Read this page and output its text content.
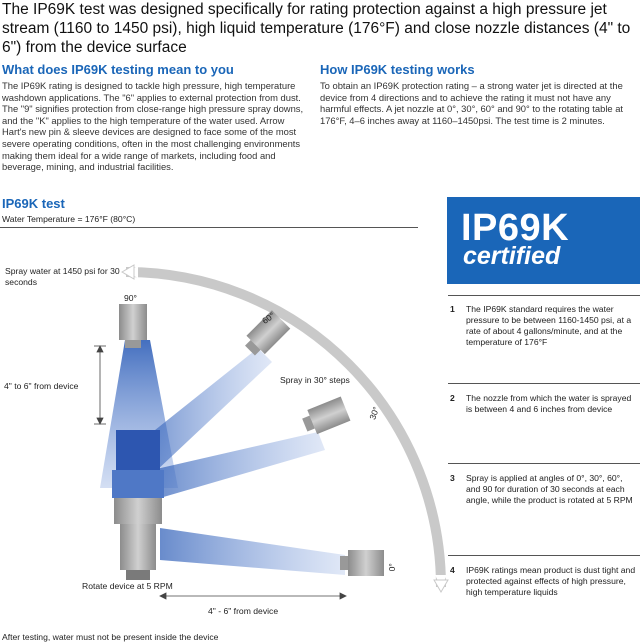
The IP69K test was designed specifically for rating protection against a high pressure jet stream (1160 to 1450 psi), high liquid temperature (176°F) and close nozzle distances (4" to 6") from the device surface
What does IP69K testing mean to you
The IP69K rating is designed to tackle high pressure, high temperature washdown applications. The "6" applies to external protection from dust. The "9" signifies protection from close-range high pressure spray downs, and the "K" applies to the high temperature of the water used. Arrow Hart's new pin & sleeve devices are designed to face some of the most severe operating conditions, often in the most challenging environments making them ideal for a wide range of markets, including food and beverage, mining, and industrial facilities.
How IP69K testing works
To obtain an IP69K protection rating – a strong water jet is directed at the device from 4 directions and to achieve the rating it must not have any harmful effects. A jet nozzle at 0°, 30°, 60° and 90° to the rotating table at 176°F, 4–6 inches away at 1160–1450psi. The test time is 2 minutes.
IP69K test
Water Temperature = 176°F (80°C)
Spray water at 1450 psi for 30 seconds
4" to 6" from device
Spray in 30° steps
Rotate device at 5 RPM
4" - 6" from device
After testing, water must not be present inside the device
90°
60°
30°
0°
IP69K
certified
1 The IP69K standard requires the water pressure to be between 1160-1450 psi, at a rate of about 4 gallons/minute, and at the temperature of 176°F
2 The nozzle from which the water is sprayed is between 4 and 6 inches from device
3 Spray is applied at angles of 0°, 30°, 60°, and 90 for duration of 30 seconds at each angle, while the product is rotated at 5 RPM
4 IP69K ratings mean product is dust tight and protected against effects of high pressure, high temperature liquids
